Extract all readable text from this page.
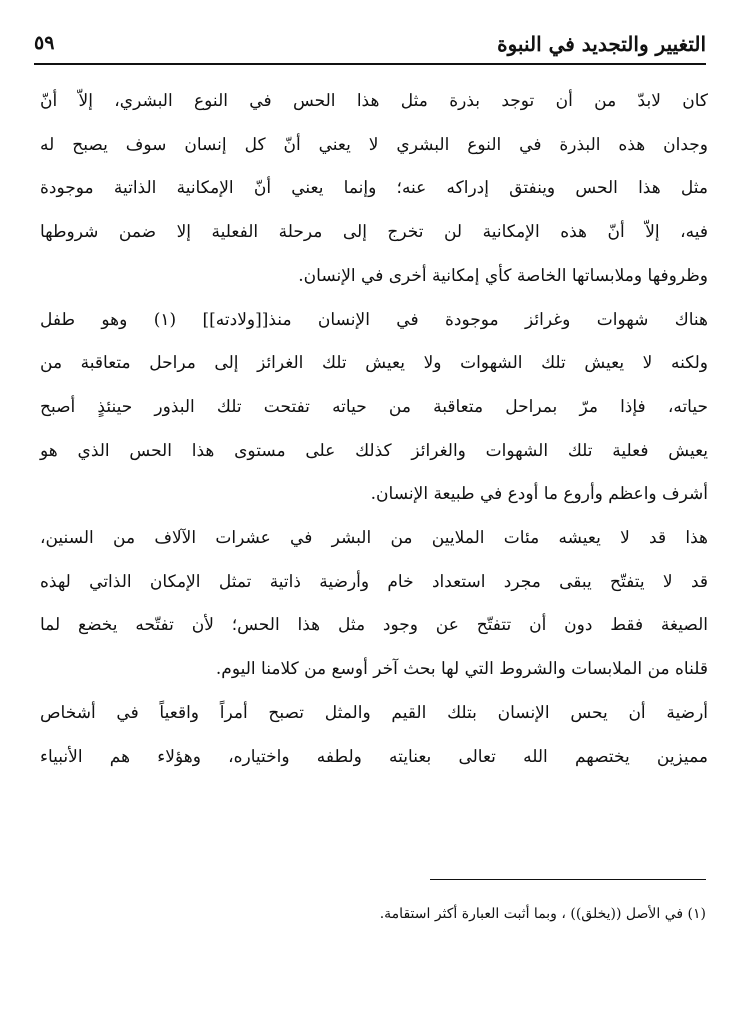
التغيير والتجديد في النبوة
٥٩
كان لابدّ من أن توجد بذرة مثل هذا الحس في النوع البشري، إلاّ أنّ
وجدان هذه البذرة في النوع البشري لا يعني أنّ كل إنسان سوف يصبح له
مثل هذا الحس وينفتق إدراكه عنه؛ وإنما يعني أنّ الإمكانية الذاتية موجودة
فيه، إلاّ أنّ هذه الإمكانية لن تخرج إلى مرحلة الفعلية إلا ضمن شروطها
وظروفها وملابساتها الخاصة كأي إمكانية أخرى في الإنسان.
هناك شهوات وغرائز موجودة في الإنسان منذ[[ولادته]] (١) وهو طفل
ولكنه لا يعيش تلك الشهوات ولا يعيش تلك الغرائز إلى مراحل متعاقبة من
حياته، فإذا مرّ بمراحل متعاقبة من حياته تفتحت تلك البذور حينئذٍ أصبح
يعيش فعلية تلك الشهوات والغرائز كذلك على مستوى هذا الحس الذي هو
أشرف واعظم وأروع ما أودع في طبيعة الإنسان.
هذا قد لا يعيشه مئات الملايين من البشر في عشرات الآلاف من السنين،
قد لا يتفتّح يبقى مجرد استعداد خام وأرضية ذاتية تمثل الإمكان الذاتي لهذه
الصيغة فقط دون أن تتفتّح عن وجود مثل هذا الحس؛ لأن تفتّحه يخضع لما
قلناه من الملابسات والشروط التي لها بحث آخر أوسع من كلامنا اليوم.
أرضية أن يحس الإنسان بتلك القيم والمثل تصبح أمراً واقعياً في أشخاص
مميزين يختصهم الله تعالى بعنايته ولطفه واختياره، وهؤلاء هم الأنبياء
(١) في الأصل ((يخلق)) ، وبما أثبت العبارة أكثر استقامة.
